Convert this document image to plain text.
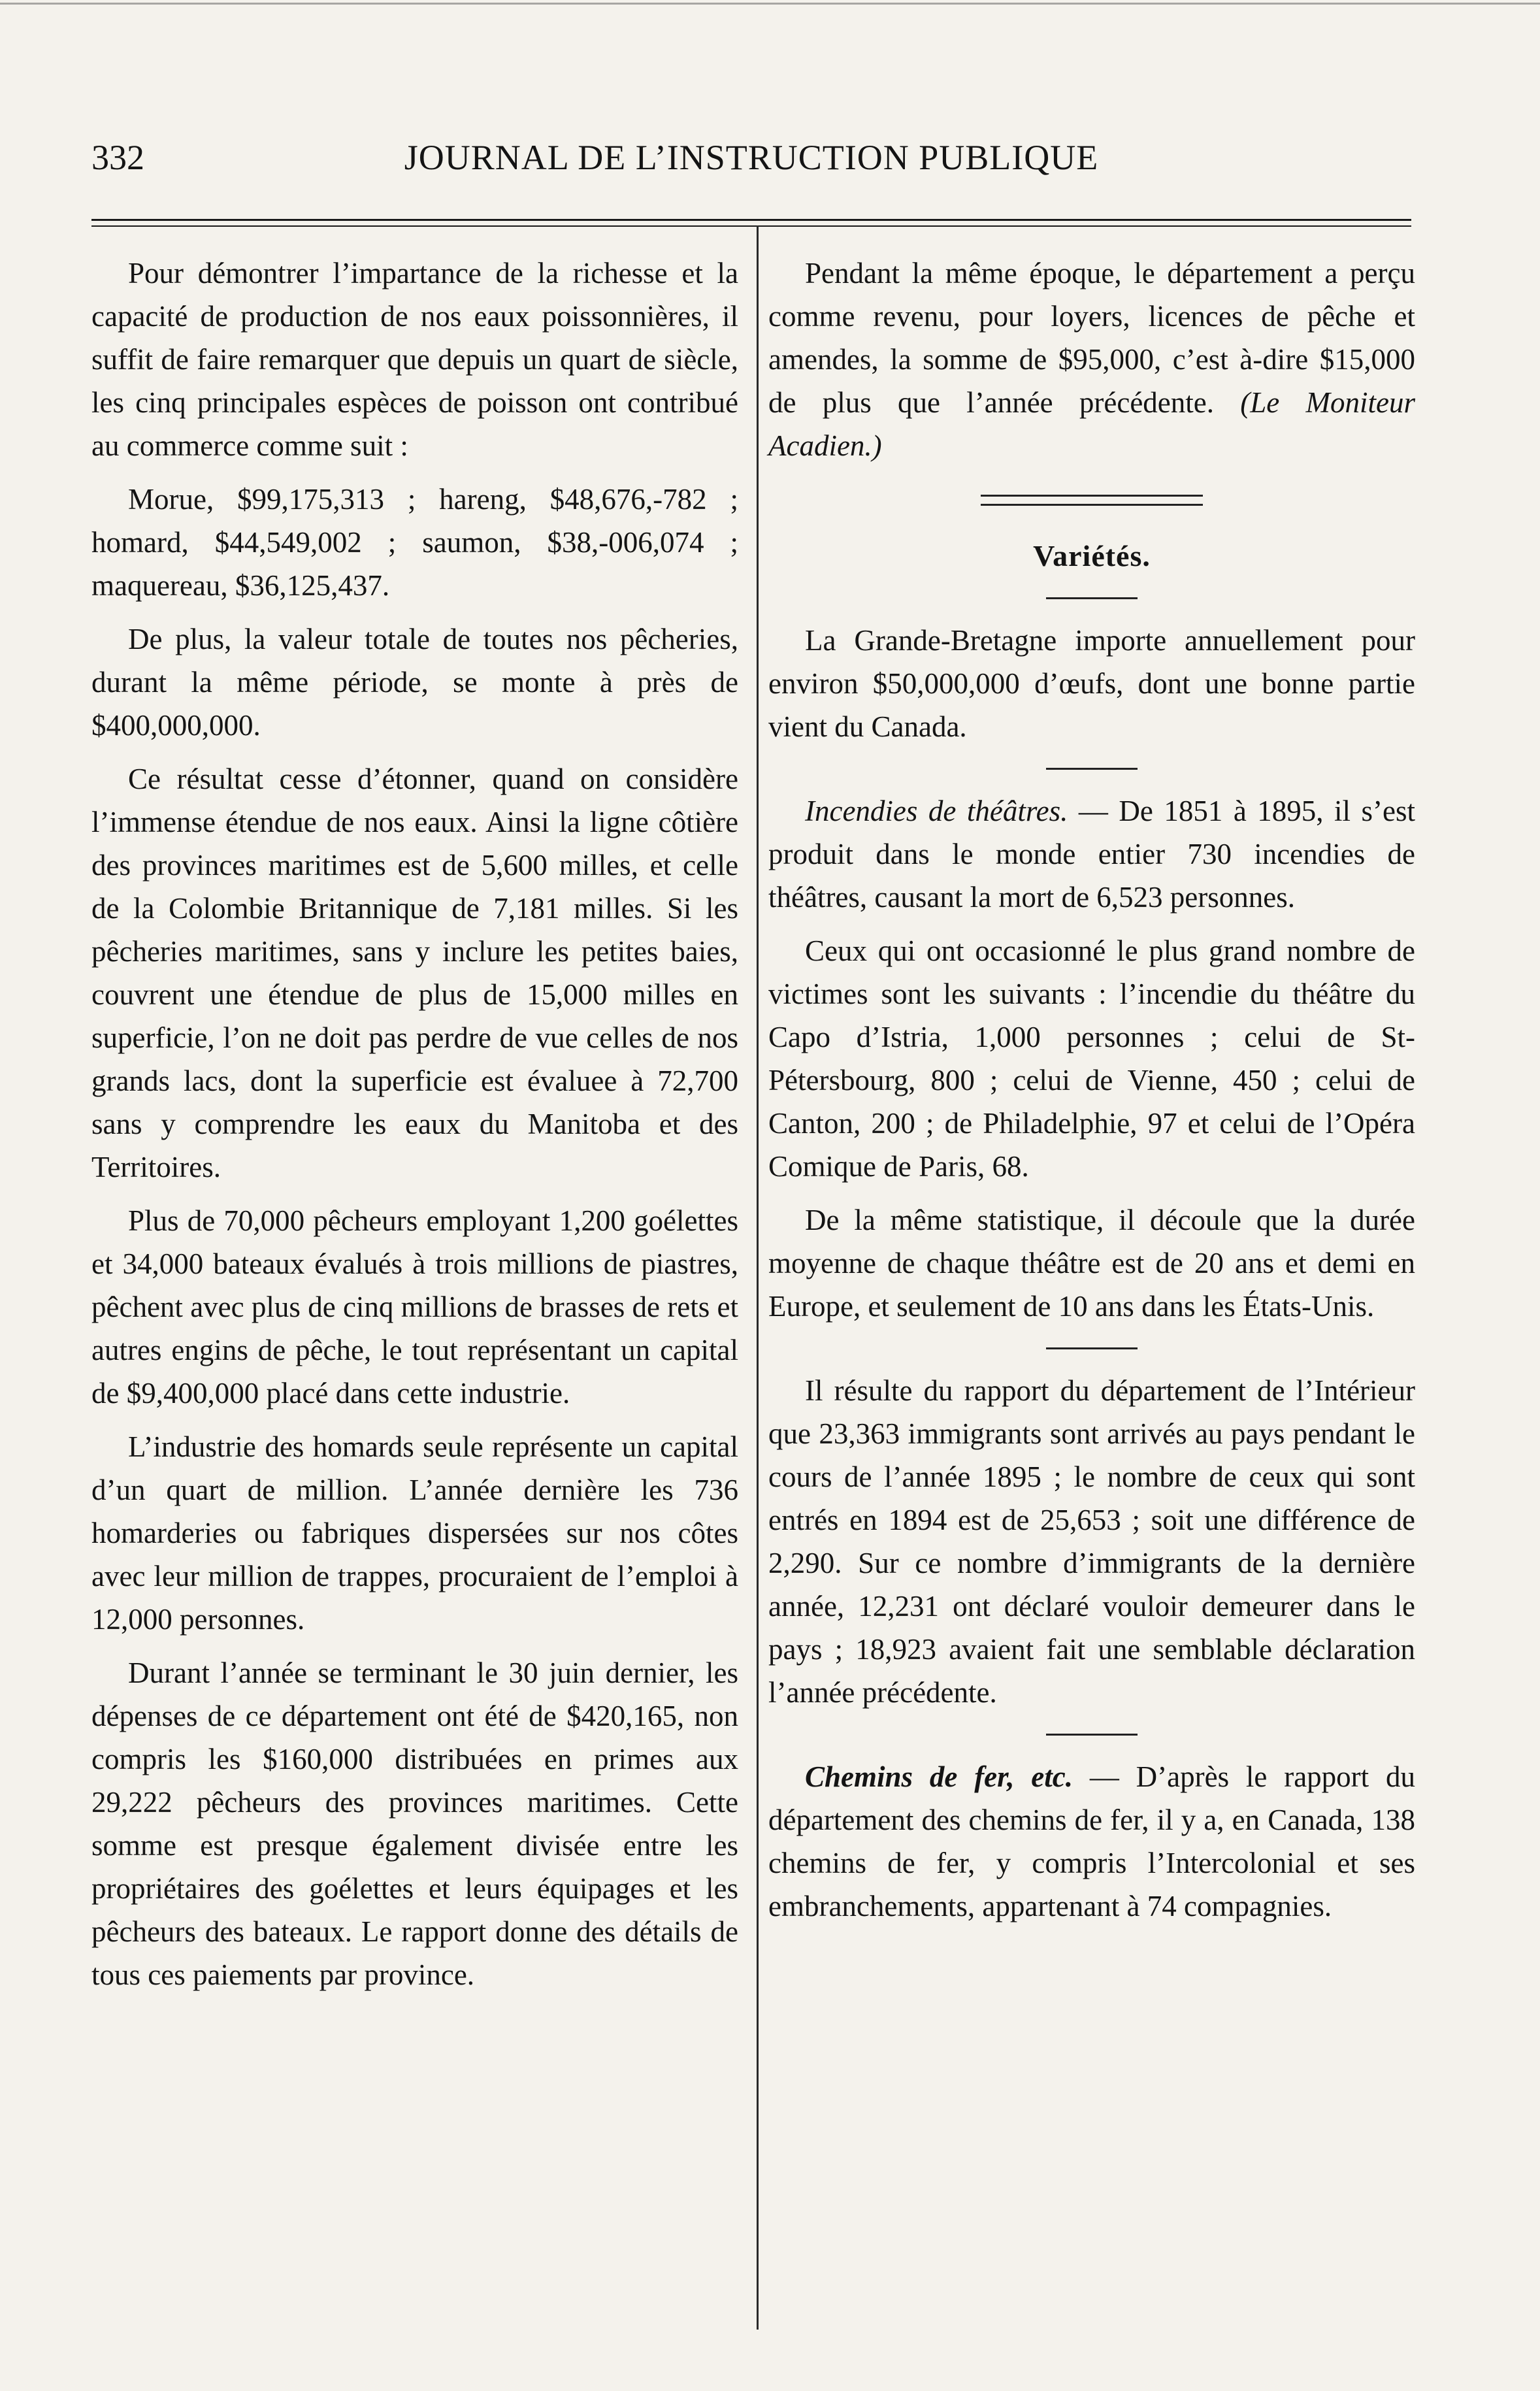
332	JOURNAL DE L’INSTRUCTION PUBLIQUE

Pour démontrer l’impartance de la richesse et la capacité de production de nos eaux poissonnières, il suffit de faire remarquer que depuis un quart de siècle, les cinq principales espèces de poisson ont contribué au commerce comme suit :

Morue, $99,175,313 ; hareng, $48,676,-782 ; homard, $44,549,002 ; saumon, $38,-006,074 ; maquereau, $36,125,437.

De plus, la valeur totale de toutes nos pêcheries, durant la même période, se monte à près de $400,000,000.

Ce résultat cesse d’étonner, quand on considère l’immense étendue de nos eaux. Ainsi la ligne côtière des provinces maritimes est de 5,600 milles, et celle de la Colombie Britannique de 7,181 milles. Si les pêcheries maritimes, sans y inclure les petites baies, couvrent une étendue de plus de 15,000 milles en superficie, l’on ne doit pas perdre de vue celles de nos grands lacs, dont la superficie est évaluee à 72,700 sans y comprendre les eaux du Manitoba et des Territoires.

Plus de 70,000 pêcheurs employant 1,200 goélettes et 34,000 bateaux évalués à trois millions de piastres, pêchent avec plus de cinq millions de brasses de rets et autres engins de pêche, le tout représentant un capital de $9,400,000 placé dans cette industrie.

L’industrie des homards seule représente un capital d’un quart de million. L’année dernière les 736 homarderies ou fabriques dispersées sur nos côtes avec leur million de trappes, procuraient de l’emploi à 12,000 personnes.

Durant l’année se terminant le 30 juin dernier, les dépenses de ce département ont été de $420,165, non compris les $160,000 distribuées en primes aux 29,222 pêcheurs des provinces maritimes. Cette somme est presque également divisée entre les propriétaires des goélettes et leurs équipages et les pêcheurs des bateaux. Le rapport donne des détails de tous ces paiements par province.

Pendant la même époque, le département a perçu comme revenu, pour loyers, licences de pêche et amendes, la somme de $95,000, c’est à-dire $15,000 de plus que l’année précédente. (Le Moniteur Acadien.)

Variétés.

La Grande-Bretagne importe annuellement pour environ $50,000,000 d’œufs, dont une bonne partie vient du Canada.

Incendies de théâtres. — De 1851 à 1895, il s’est produit dans le monde entier 730 incendies de théâtres, causant la mort de 6,523 personnes.

Ceux qui ont occasionné le plus grand nombre de victimes sont les suivants : l’incendie du théâtre du Capo d’Istria, 1,000 personnes ; celui de St-Pétersbourg, 800 ; celui de Vienne, 450 ; celui de Canton, 200 ; de Philadelphie, 97 et celui de l’Opéra Comique de Paris, 68.

De la même statistique, il découle que la durée moyenne de chaque théâtre est de 20 ans et demi en Europe, et seulement de 10 ans dans les États-Unis.

Il résulte du rapport du département de l’Intérieur que 23,363 immigrants sont arrivés au pays pendant le cours de l’année 1895 ; le nombre de ceux qui sont entrés en 1894 est de 25,653 ; soit une différence de 2,290. Sur ce nombre d’immigrants de la dernière année, 12,231 ont déclaré vouloir demeurer dans le pays ; 18,923 avaient fait une semblable déclaration l’année précédente.

Chemins de fer, etc. — D’après le rapport du département des chemins de fer, il y a, en Canada, 138 chemins de fer, y compris l’Intercolonial et ses embranchements, appartenant à 74 compagnies.
